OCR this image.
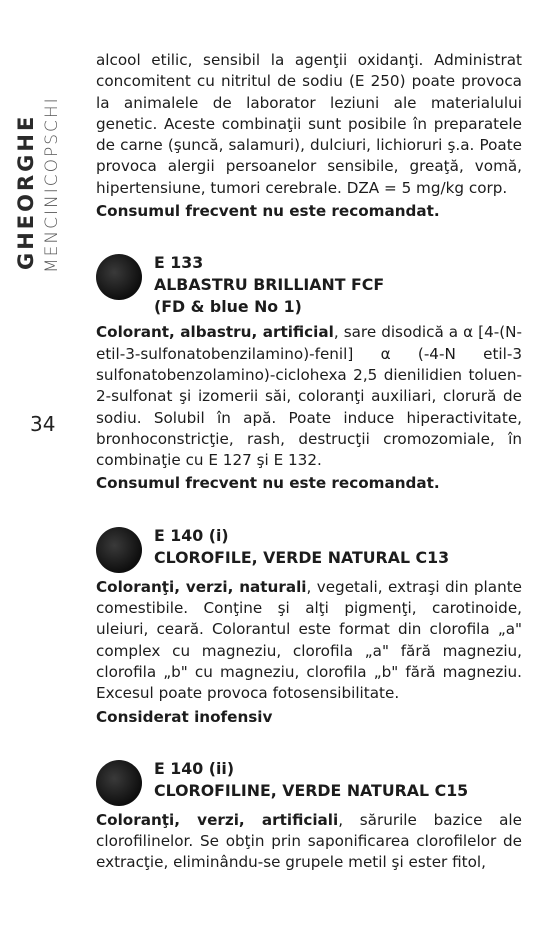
GHEORGHE MENCINICOPSCHI
34

alcool etilic, sensibil la agenţii oxidanţi. Administrat concomitent cu nitritul de sodiu (E 250) poate provoca la animalele de laborator leziuni ale materialului genetic. Aceste combinaţii sunt posibile în preparatele de carne (şuncă, salamuri), dulciuri, lichioruri ş.a. Poate provoca alergii persoanelor sensibile, greaţă, vomă, hipertensiune, tumori cerebrale. DZA = 5 mg/kg corp.

Consumul frecvent nu este recomandat.

E 133
ALBASTRU BRILLIANT FCF
(FD & blue No 1)

Colorant, albastru, artificial, sare disodică a α [4-(N-etil-3-sulfonatobenzilamino)-fenil] α (-4-N etil-3 sulfonatobenzolamino)-ciclohexa 2,5 dienilidien toluen-2-sulfonat şi izomerii săi, coloranţi auxiliari, clorură de sodiu. Solubil în apă. Poate induce hiperactivitate, bronhoconstricţie, rash, destrucţii cromozomiale, în combinaţie cu E 127 şi E 132.

Consumul frecvent nu este recomandat.

E 140 (i)
CLOROFILE, VERDE NATURAL C13

Coloranţi, verzi, naturali, vegetali, extraşi din plante comestibile. Conţine şi alţi pigmenţi, carotinoide, uleiuri, ceară. Colorantul este format din clorofila „a" complex cu magneziu, clorofila „a" fără magneziu, clorofila „b" cu magneziu, clorofila „b" fără magneziu. Excesul poate provoca fotosensibilitate.

Considerat inofensiv

E 140 (ii)
CLOROFILINE, VERDE NATURAL C15

Coloranţi, verzi, artificiali, sărurile bazice ale clorofilinelor. Se obţin prin saponificarea clorofilelor de extracţie, eliminându-se grupele metil şi ester fitol,
